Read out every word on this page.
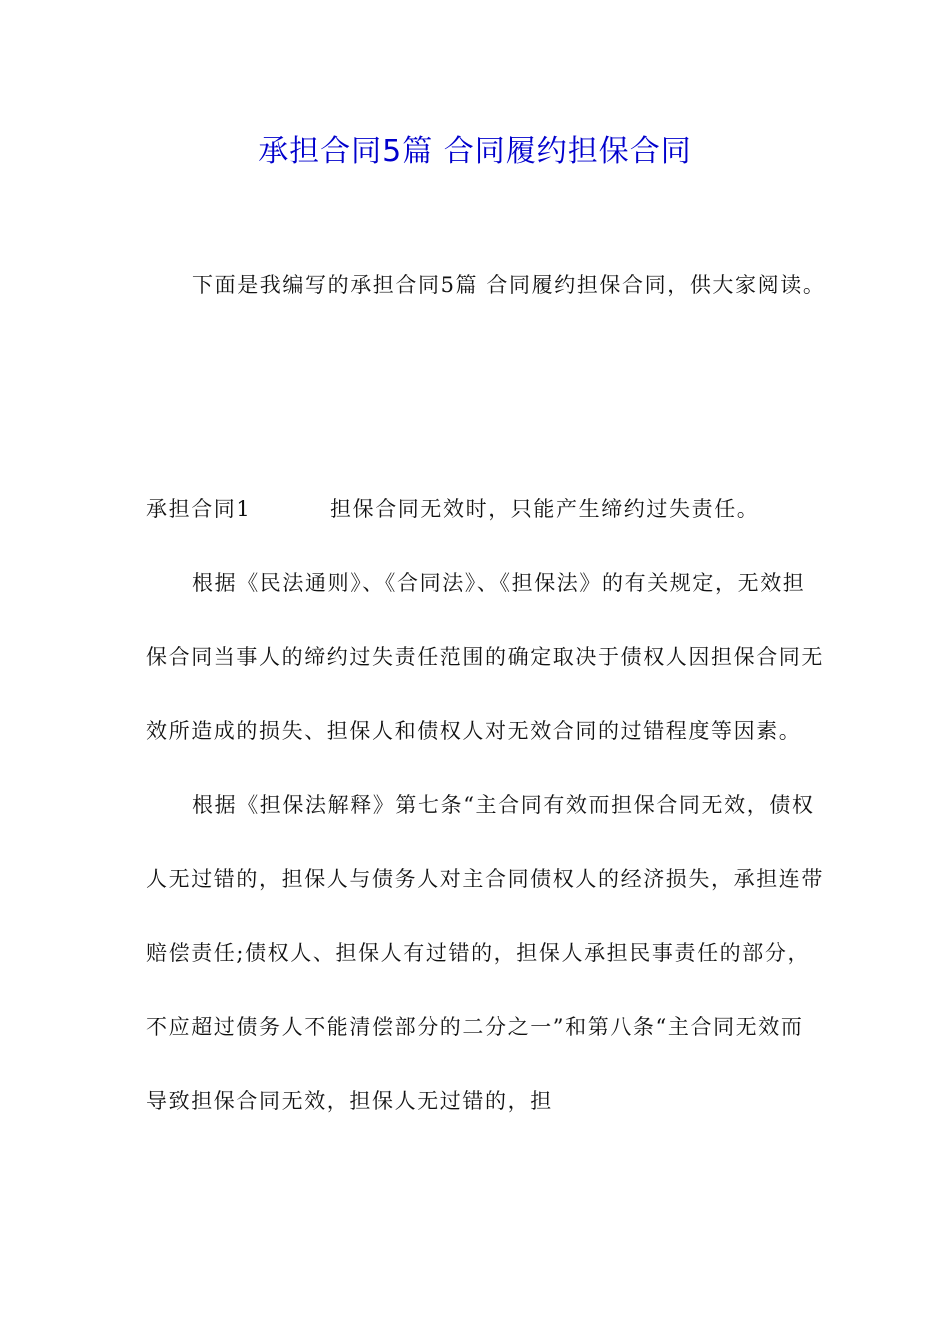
承担合同5篇 合同履约担保合同

下面是我编写的承担合同5篇 合同履约担保合同，供大家阅读。

承担合同1	担保合同无效时，只能产生缔约过失责任。

根据《民法通则》、《合同法》、《担保法》的有关规定，无效担保合同当事人的缔约过失责任范围的确定取决于债权人因担保合同无效所造成的损失、担保人和债权人对无效合同的过错程度等因素。

根据《担保法解释》第七条“主合同有效而担保合同无效，债权人无过错的，担保人与债务人对主合同债权人的经济损失，承担连带赔偿责任;债权人、担保人有过错的，担保人承担民事责任的部分，不应超过债务人不能清偿部分的二分之一”和第八条“主合同无效而导致担保合同无效，担保人无过错的，担
